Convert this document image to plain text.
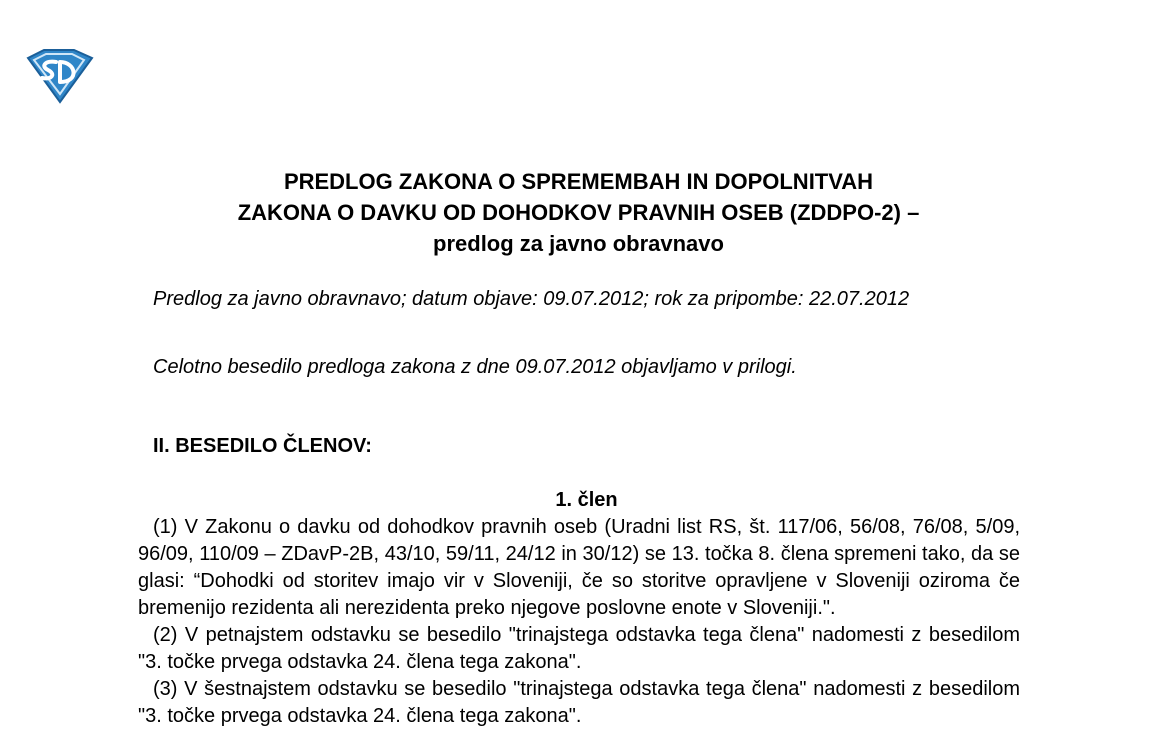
PREDLOG ZAKONA O SPREMEMBAH IN DOPOLNITVAH
ZAKONA O DAVKU OD DOHODKOV PRAVNIH OSEB (ZDDPO-2) –
predlog za javno obravnavo
Predlog za javno obravnavo; datum objave: 09.07.2012; rok za pripombe: 22.07.2012
Celotno besedilo predloga zakona z dne 09.07.2012 objavljamo v prilogi.
II. BESEDILO ČLENOV:
1. člen

(1) V Zakonu o davku od dohodkov pravnih oseb (Uradni list RS, št. 117/06, 56/08, 76/08, 5/09, 96/09, 110/09 – ZDavP-2B, 43/10, 59/11, 24/12 in 30/12) se 13. točka 8. člena spremeni tako, da se glasi: “Dohodki od storitev imajo vir v Sloveniji, če so storitve opravljene v Sloveniji oziroma če bremenijo rezidenta ali nerezidenta preko njegove poslovne enote v Sloveniji.".

(2) V petnajstem odstavku se besedilo "trinajstega odstavka tega člena" nadomesti z besedilom "3. točke prvega odstavka 24. člena tega zakona".

(3) V šestnajstem odstavku se besedilo "trinajstega odstavka tega člena" nadomesti z besedilom "3. točke prvega odstavka 24. člena tega zakona".
